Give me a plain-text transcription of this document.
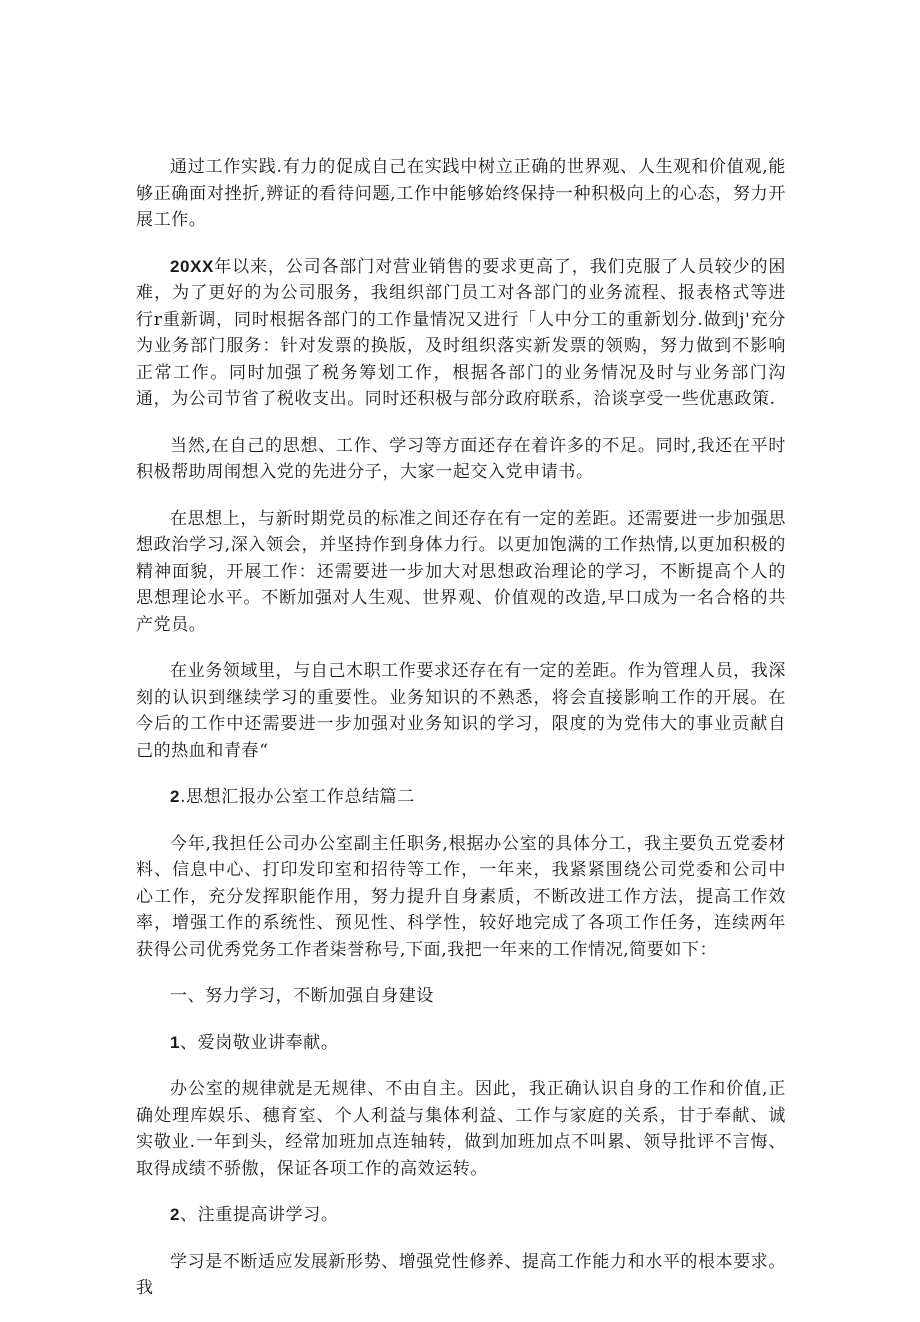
通过工作实践.有力的促成自己在实践中树立正确的世界观、人生观和价值观,能够正确面对挫折,辨证的看待问题,工作中能够始终保持一种积极向上的心态，努力开展工作。

20XX年以来，公司各部门对营业销售的要求更高了，我们克服了人员较少的困难，为了更好的为公司服务，我组织部门员工对各部门的业务流程、报表格式等进行r重新调，同时根据各部门的工作量情况又进行「人中分工的重新划分.做到j'充分为业务部门服务：针对发票的换版，及时组织落实新发票的领购，努力做到不影响正常工作。同时加强了税务筹划工作，根据各部门的业务情况及时与业务部门沟通，为公司节省了税收支出。同时还积极与部分政府联系，洽谈享受一些优惠政策.

当然,在自己的思想、工作、学习等方面还存在着许多的不足。同时,我还在平时积极帮助周闱想入党的先进分子，大家一起交入党申请书。

在思想上，与新时期党员的标准之间还存在有一定的差距。还需要进一步加强思想政治学习,深入领会，并坚持作到身体力行。以更加饱满的工作热情,以更加积极的精神面貌，开展工作：还需要进一步加大对思想政治理论的学习，不断提高个人的思想理论水平。不断加强对人生观、世界观、价值观的改造,早口成为一名合格的共产党员。

在业务领域里，与自己木职工作要求还存在有一定的差距。作为管理人员，我深刻的认识到继续学习的重要性。业务知识的不熟悉，将会直接影响工作的开展。在今后的工作中还需要进一步加强对业务知识的学习，限度的为党伟大的事业贡献自己的热血和青春“

2.思想汇报办公室工作总结篇二

今年,我担任公司办公室副主任职务,根据办公室的具体分工，我主要负五党委材料、信息中心、打印发印室和招待等工作，一年来，我紧紧围绕公司党委和公司中心工作，充分发挥职能作用，努力提升自身素质，不断改进工作方法，提高工作效率，增强工作的系统性、预见性、科学性，较好地完成了各项工作任务，连续两年获得公司优秀党务工作者柒誉称号,下面,我把一年来的工作情况,简要如下：

一、努力学习，不断加强自身建设

1、爱岗敬业讲奉献。

办公室的规律就是无规律、不由自主。因此，我正确认识自身的工作和价值,正确处理库娱乐、穗育室、个人利益与集体利益、工作与家庭的关系，甘于奉献、诚实敬业.一年到头，经常加班加点连轴转，做到加班加点不叫累、领导批评不言悔、取得成绩不骄傲，保证各项工作的高效运转。

2、注重提高讲学习。

学习是不断适应发展新形势、增强党性修养、提高工作能力和水平的根本要求。我
